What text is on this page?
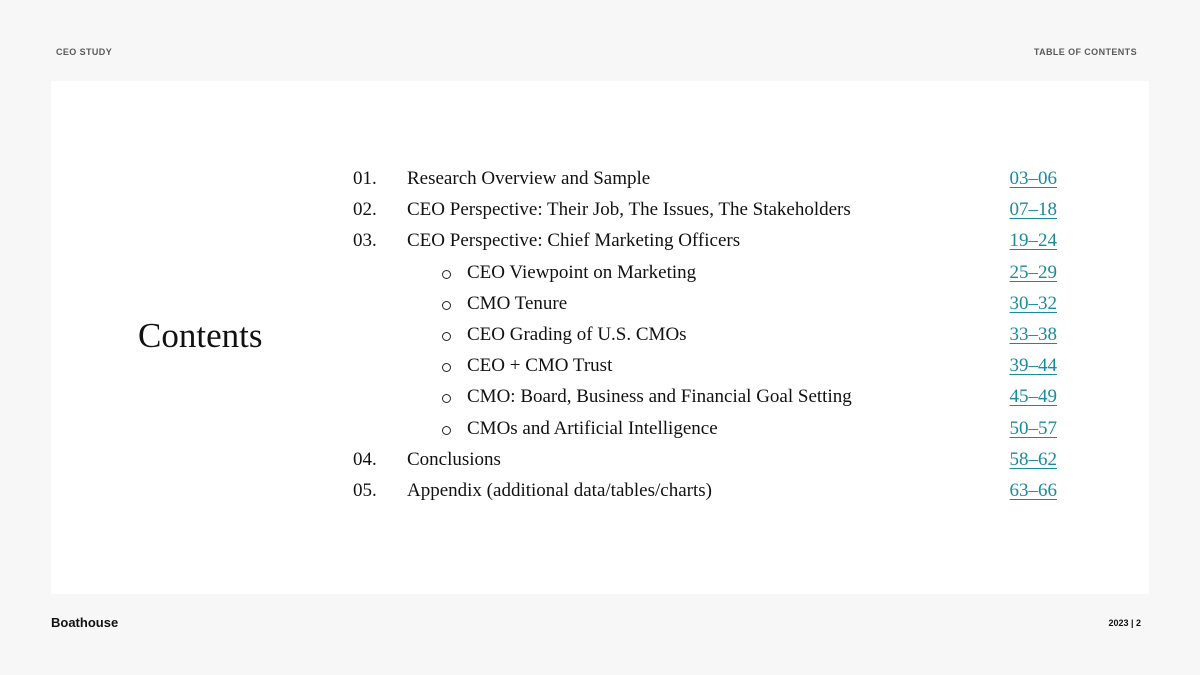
CEO STUDY	TABLE OF CONTENTS
Contents
01. Research Overview and Sample	03–06
02. CEO Perspective: Their Job, The Issues, The Stakeholders	07–18
03. CEO Perspective: Chief Marketing Officers	19–24
CEO Viewpoint on Marketing	25–29
CMO Tenure	30–32
CEO Grading of U.S. CMOs	33–38
CEO + CMO Trust	39–44
CMO: Board, Business and Financial Goal Setting	45–49
CMOs and Artificial Intelligence	50–57
04. Conclusions	58–62
05. Appendix (additional data/tables/charts)	63–66
Boathouse	2023 | 2
